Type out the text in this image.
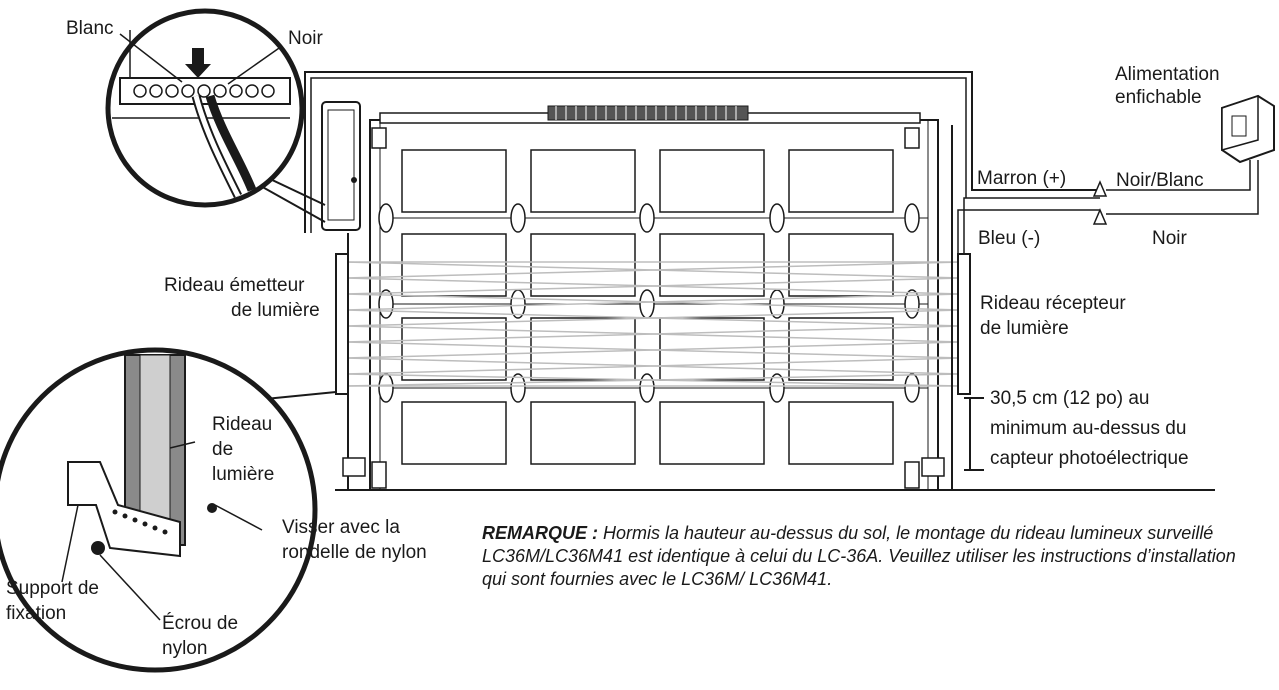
Blanc	Noir
Alimentation
enfichable
Marron (+)	Noir/Blanc
Bleu (-)	Noir
Rideau émetteur
de lumière	Rideau récepteur
de lumière
30,5 cm (12 po) au
minimum au-dessus du
capteur photoélectrique
Rideau
de
lumière
Visser avec la
rondelle de nylon
Support de
fixation	Écrou de
nylon
REMARQUE : Hormis la hauteur au-dessus du sol, le montage du rideau lumineux surveillé LC36M/LC36M41 est identique à celui du LC-36A. Veuillez utiliser les instructions d’installation qui sont fournies avec le LC36M/ LC36M41.
